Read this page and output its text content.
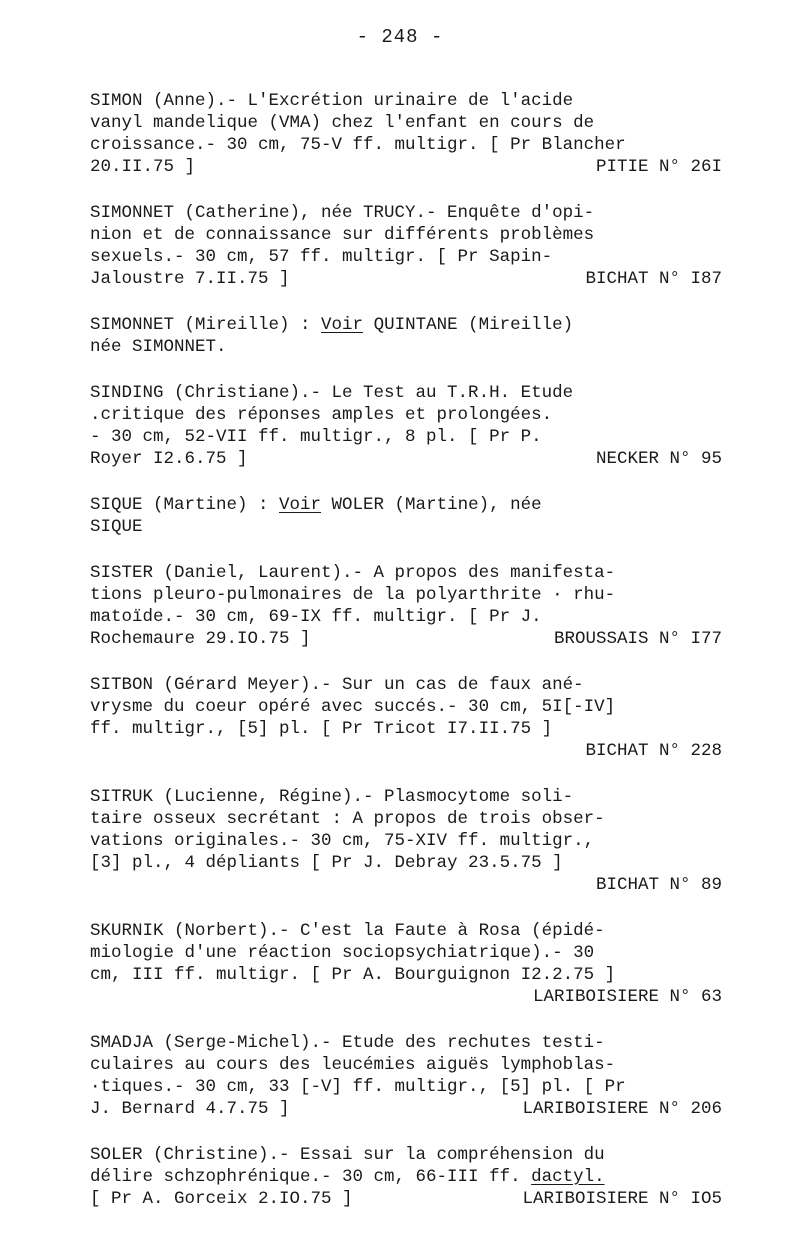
- 248 -
SIMON (Anne).- L'Excrétion urinaire de l'acide
vanyl mandelique (VMA) chez l'enfant en cours de
croissance.- 30 cm, 75-V ff. multigr. [ Pr Blancher
20.II.75 ]	PITIE N° 26I
SIMONNET (Catherine), née TRUCY.- Enquête d'opi-
nion et de connaissance sur différents problèmes
sexuels.- 30 cm, 57 ff. multigr. [ Pr Sapin-
Jaloustre 7.II.75 ]	BICHAT N° I87
SIMONNET (Mireille) : Voir QUINTANE (Mireille)
née SIMONNET.
SINDING (Christiane).- Le Test au T.R.H. Etude
.critique des réponses amples et prolongées.
- 30 cm, 52-VII ff. multigr., 8 pl. [ Pr P.
Royer I2.6.75 ]	NECKER N° 95
SIQUE (Martine) : Voir WOLER (Martine), née
SIQUE
SISTER (Daniel, Laurent).- A propos des manifesta-
tions pleuro-pulmonaires de la polyarthrite · rhu-
matoïde.- 30 cm, 69-IX ff. multigr. [ Pr J.
Rochemaure 29.IO.75 ]	BROUSSAIS N° I77
SITBON (Gérard Meyer).- Sur un cas de faux ané-
vrysme du coeur opéré avec succés.- 30 cm, 5I[-IV]
ff. multigr., [5] pl. [ Pr Tricot I7.II.75 ]
BICHAT N° 228
SITRUK (Lucienne, Régine).- Plasmocytome soli-
taire osseux secrétant : A propos de trois obser-
vations originales.- 30 cm, 75-XIV ff. multigr.,
[3] pl., 4 dépliants [ Pr J. Debray 23.5.75 ]
BICHAT N° 89
SKURNIK (Norbert).- C'est la Faute à Rosa (épidé-
miologie d'une réaction sociopsychiatrique).- 30
cm, III ff. multigr. [ Pr A. Bourguignon I2.2.75 ]
LARIBOISIERE N° 63
SMADJA (Serge-Michel).- Etude des rechutes testi-
culaires au cours des leucémies aiguës lymphoblas-
·tiques.- 30 cm, 33 [-V] ff. multigr., [5] pl. [ Pr
J. Bernard 4.7.75 ]	LARIBOISIERE N° 206
SOLER (Christine).- Essai sur la compréhension du
délire schzophrénique.- 30 cm, 66-III ff. dactyl.
[ Pr A. Gorceix 2.IO.75 ]	LARIBOISIERE N° IO5
